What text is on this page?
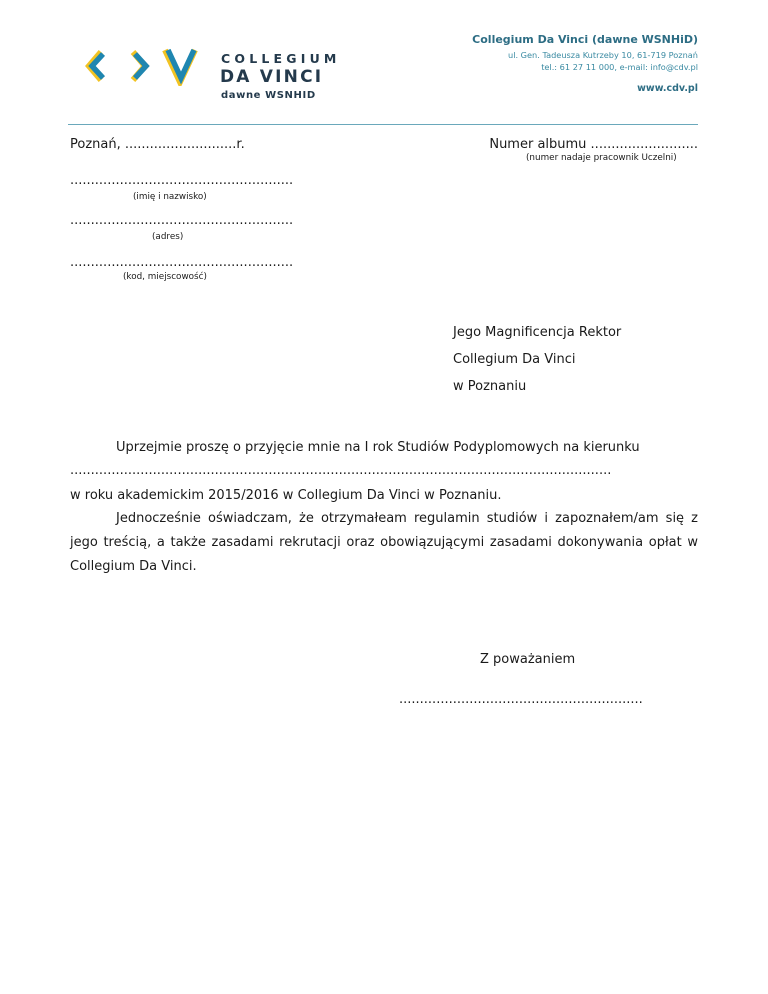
COLLEGIUM
DA VINCI
dawne WSNHID
Collegium Da Vinci (dawne WSNHiD)
ul. Gen. Tadeusza Kutrzeby 10, 61-719 Poznań
tel.: 61 27 11 000, e-mail: info@cdv.pl
www.cdv.pl
Poznań, ...........................r.	Numer albumu ..........................
(numer nadaje pracownik Uczelni)
......................................................
(imię i nazwisko)
......................................................
(adres)
......................................................
(kod, miejscowość)
Jego Magnificencja Rektor
Collegium Da Vinci
w Poznaniu
Uprzejmie proszę o przyjęcie mnie na I rok Studiów Podyplomowych na kierunku
...................................................................................................................................
w roku akademickim 2015/2016 w Collegium Da Vinci w Poznaniu.
Jednocześnie oświadczam, że otrzymałeam regulamin studiów i zapoznałem/am się z jego treścią, a także zasadami rekrutacji oraz obowiązującymi zasadami dokonywania opłat w Collegium Da Vinci.
Z poważaniem
...........................................................
